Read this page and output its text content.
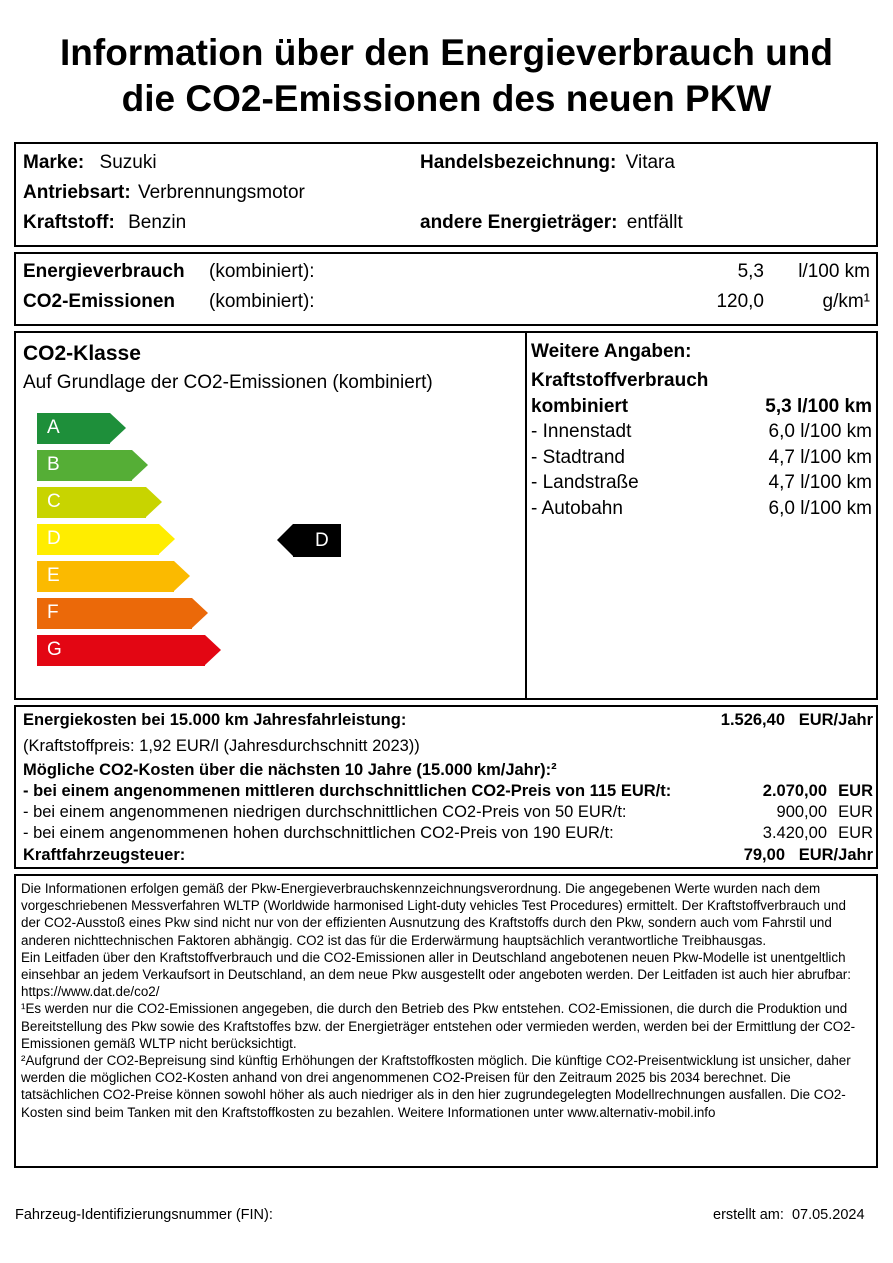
Information über den Energieverbrauch und
die CO2-Emissionen des neuen PKW
Marke: Suzuki	Handelsbezeichnung: Vitara
Antriebsart: Verbrennungsmotor
Kraftstoff: Benzin	andere Energieträger: entfällt
Energieverbrauch (kombiniert):	5,3	l/100 km
CO2-Emissionen (kombiniert):	120,0	g/km¹
CO2-Klasse
Auf Grundlage der CO2-Emissionen (kombiniert)
A
B
C
D
E
F
G
D
Weitere Angaben:
Kraftstoffverbrauch
kombiniert	5,3 l/100 km
- Innenstadt	6,0 l/100 km
- Stadtrand	4,7 l/100 km
- Landstraße	4,7 l/100 km
- Autobahn	6,0 l/100 km
Energiekosten bei 15.000 km Jahresfahrleistung:	1.526,40 EUR/Jahr
(Kraftstoffpreis: 1,92 EUR/l (Jahresdurchschnitt 2023))
Mögliche CO2-Kosten über die nächsten 10 Jahre (15.000 km/Jahr):²
- bei einem angenommenen mittleren durchschnittlichen CO2-Preis von 115 EUR/t:	2.070,00 EUR
- bei einem angenommenen niedrigen durchschnittlichen CO2-Preis von 50 EUR/t:	900,00 EUR
- bei einem angenommenen hohen durchschnittlichen CO2-Preis von 190 EUR/t:	3.420,00 EUR
Kraftfahrzeugsteuer:	79,00 EUR/Jahr

Die Informationen erfolgen gemäß der Pkw-Energieverbrauchskennzeichnungsverordnung. Die angegebenen Werte wurden nach dem vorgeschriebenen Messverfahren WLTP (Worldwide harmonised Light-duty vehicles Test Procedures) ermittelt. Der Kraftstoffverbrauch und der CO2-Ausstoß eines Pkw sind nicht nur von der effizienten Ausnutzung des Kraftstoffs durch den Pkw, sondern auch vom Fahrstil und anderen nichttechnischen Faktoren abhängig. CO2 ist das für die Erderwärmung hauptsächlich verantwortliche Treibhausgas.

Ein Leitfaden über den Kraftstoffverbrauch und die CO2-Emissionen aller in Deutschland angebotenen neuen Pkw-Modelle ist unentgeltlich einsehbar an jedem Verkaufsort in Deutschland, an dem neue Pkw ausgestellt oder angeboten werden. Der Leitfaden ist auch hier abrufbar: https://www.dat.de/co2/

¹Es werden nur die CO2-Emissionen angegeben, die durch den Betrieb des Pkw entstehen. CO2-Emissionen, die durch die Produktion und Bereitstellung des Pkw sowie des Kraftstoffes bzw. der Energieträger entstehen oder vermieden werden, werden bei der Ermittlung der CO2-Emissionen gemäß WLTP nicht berücksichtigt.

²Aufgrund der CO2-Bepreisung sind künftig Erhöhungen der Kraftstoffkosten möglich. Die künftige CO2-Preisentwicklung ist unsicher, daher werden die möglichen CO2-Kosten anhand von drei angenommenen CO2-Preisen für den Zeitraum 2025 bis 2034 berechnet. Die tatsächlichen CO2-Preise können sowohl höher als auch niedriger als in den hier zugrundegelegten Modellrechnungen ausfallen. Die CO2-Kosten sind beim Tanken mit den Kraftstoffkosten zu bezahlen. Weitere Informationen unter www.alternativ-mobil.info

Fahrzeug-Identifizierungsnummer (FIN):	erstellt am: 07.05.2024
